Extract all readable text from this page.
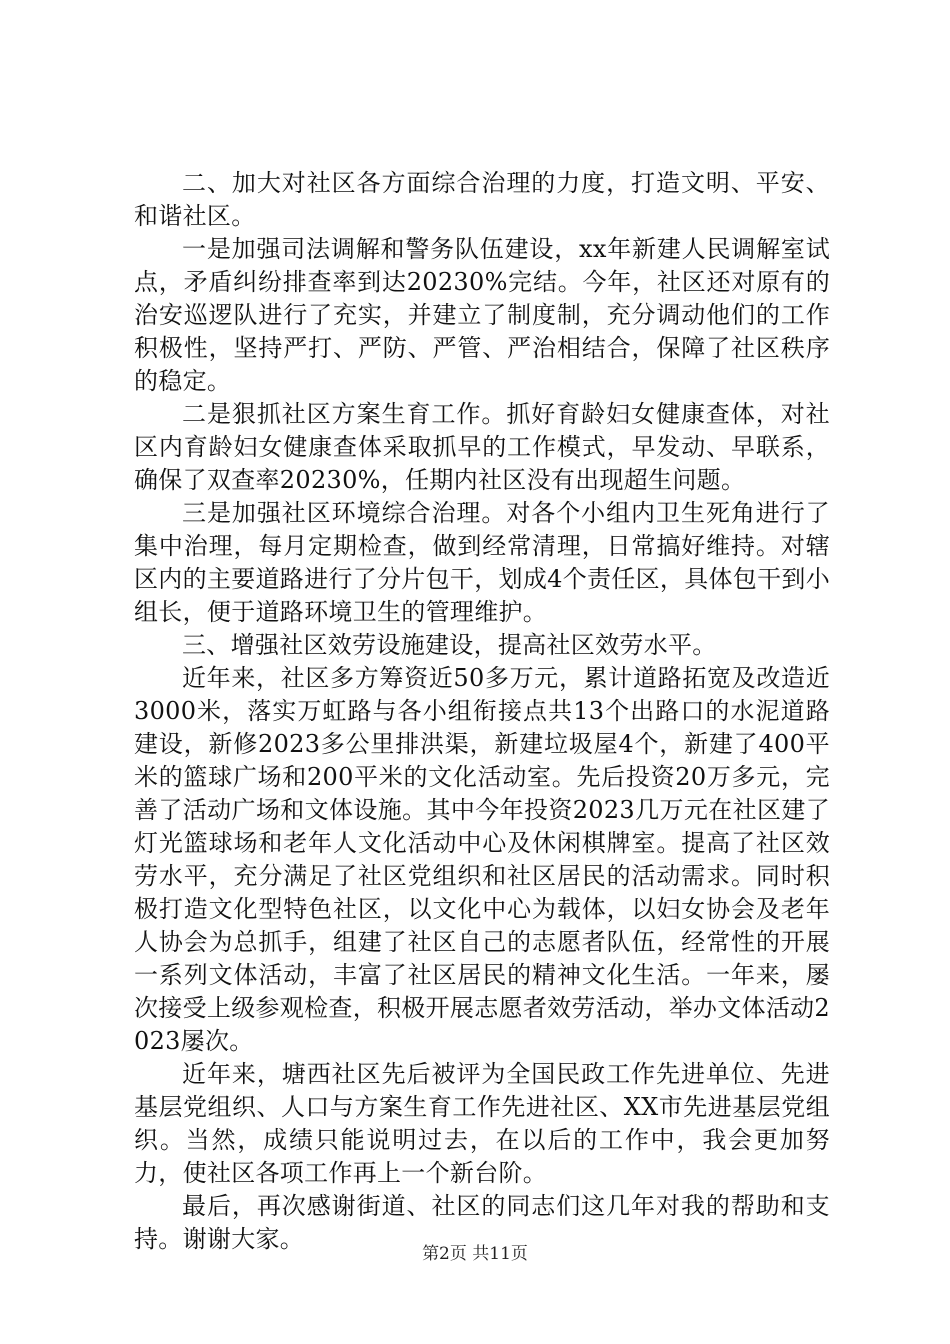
二、加大对社区各方面综合治理的力度，打造文明、平安、和谐社区。

一是加强司法调解和警务队伍建设，xx年新建人民调解室试点，矛盾纠纷排查率到达20230%完结。今年，社区还对原有的治安巡逻队进行了充实，并建立了制度制，充分调动他们的工作积极性，坚持严打、严防、严管、严治相结合，保障了社区秩序的稳定。

二是狠抓社区方案生育工作。抓好育龄妇女健康查体，对社区内育龄妇女健康查体采取抓早的工作模式，早发动、早联系，确保了双查率20230%，任期内社区没有出现超生问题。

三是加强社区环境综合治理。对各个小组内卫生死角进行了集中治理，每月定期检查，做到经常清理，日常搞好维持。对辖区内的主要道路进行了分片包干，划成4个责任区，具体包干到小组长，便于道路环境卫生的管理维护。

三、增强社区效劳设施建设，提高社区效劳水平。

近年来，社区多方筹资近50多万元，累计道路拓宽及改造近3000米，落实万虹路与各小组衔接点共13个出路口的水泥道路建设，新修2023多公里排洪渠，新建垃圾屋4个，新建了400平米的篮球广场和200平米的文化活动室。先后投资20万多元，完善了活动广场和文体设施。其中今年投资2023几万元在社区建了灯光篮球场和老年人文化活动中心及休闲棋牌室。提高了社区效劳水平，充分满足了社区党组织和社区居民的活动需求。同时积极打造文化型特色社区，以文化中心为载体，以妇女协会及老年人协会为总抓手，组建了社区自己的志愿者队伍，经常性的开展一系列文体活动，丰富了社区居民的精神文化生活。一年来，屡次接受上级参观检查，积极开展志愿者效劳活动，举办文体活动2023屡次。

近年来，塘西社区先后被评为全国民政工作先进单位、先进基层党组织、人口与方案生育工作先进社区、XX市先进基层党组织。当然，成绩只能说明过去，在以后的工作中，我会更加努力，使社区各项工作再上一个新台阶。

最后，再次感谢街道、社区的同志们这几年对我的帮助和支持。谢谢大家。

第2页 共11页
